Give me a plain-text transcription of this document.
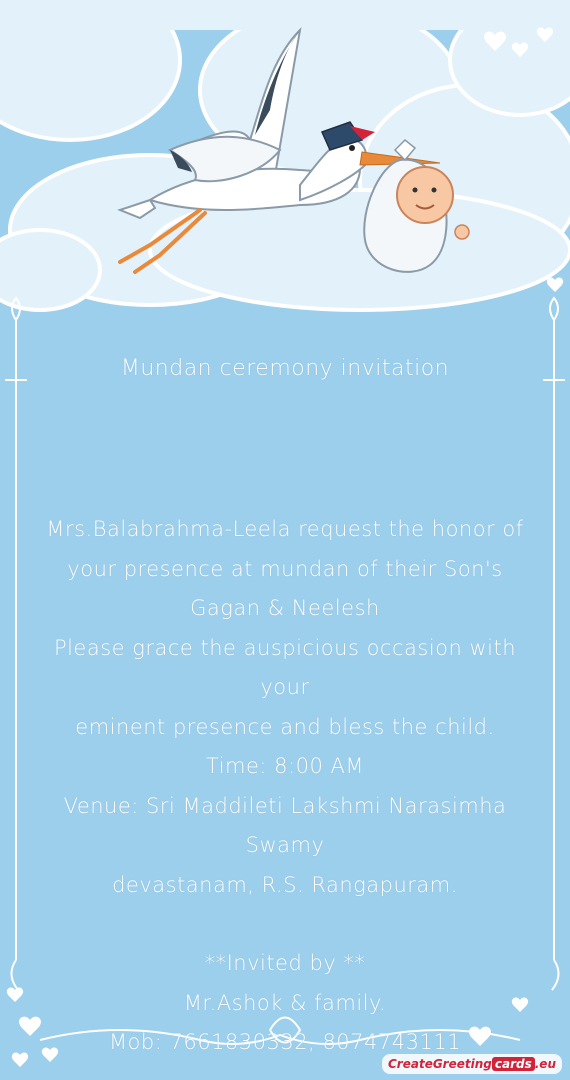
Mundan ceremony invitation
Mrs.Balabrahma-Leela request the honor of
your presence at mundan of their Son's
Gagan & Neelesh
Please grace the auspicious occasion with your
eminent presence and bless the child.
Time: 8:00 AM
Venue: Sri Maddileti Lakshmi Narasimha Swamy
devastanam, R.S. Rangapuram.
**Invited by **
Mr.Ashok & family.
Mob: 7661830332, 8074743111
CreateGreeting cards .eu
